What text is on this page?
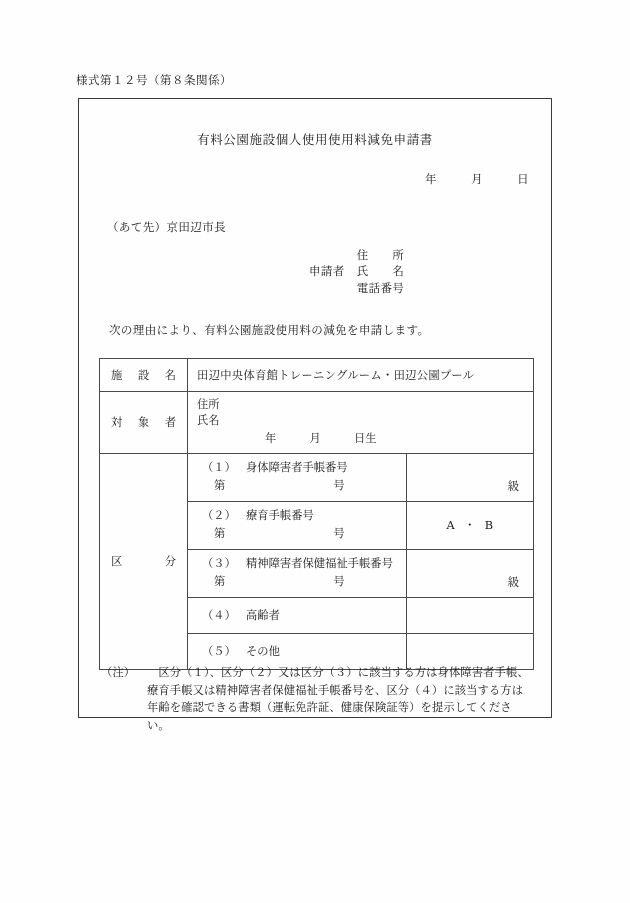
様式第１２号（第８条関係）
有料公園施設個人使用使用料減免申請書
年	月	日
（あて先）京田辺市長
申請者
住　　所
氏　　名
電話番号
次の理由により、有料公園施設使用料の減免を申請します。
施　設　名	田辺中央体育館トレーニングルーム・田辺公園プール	

対　象　者	住所
氏名
年 月 日生	

区　　分	（１） 身体障害者手帳番号
第 号	級

	（２） 療育手帳番号
第 号	A ・ B

	（３） 精神障害者保健福祉手帳番号
第 号	級

	（４） 高齢者	

	（５） その他	

（注）	区分（１）、区分（２）又は区分（３）に該当する方は身体障害者手帳、療育手帳又は精神障害者保健福祉手帳番号を、区分（４）に該当する方は年齢を確認できる書類（運転免許証、健康保険証等）を提示してください。
